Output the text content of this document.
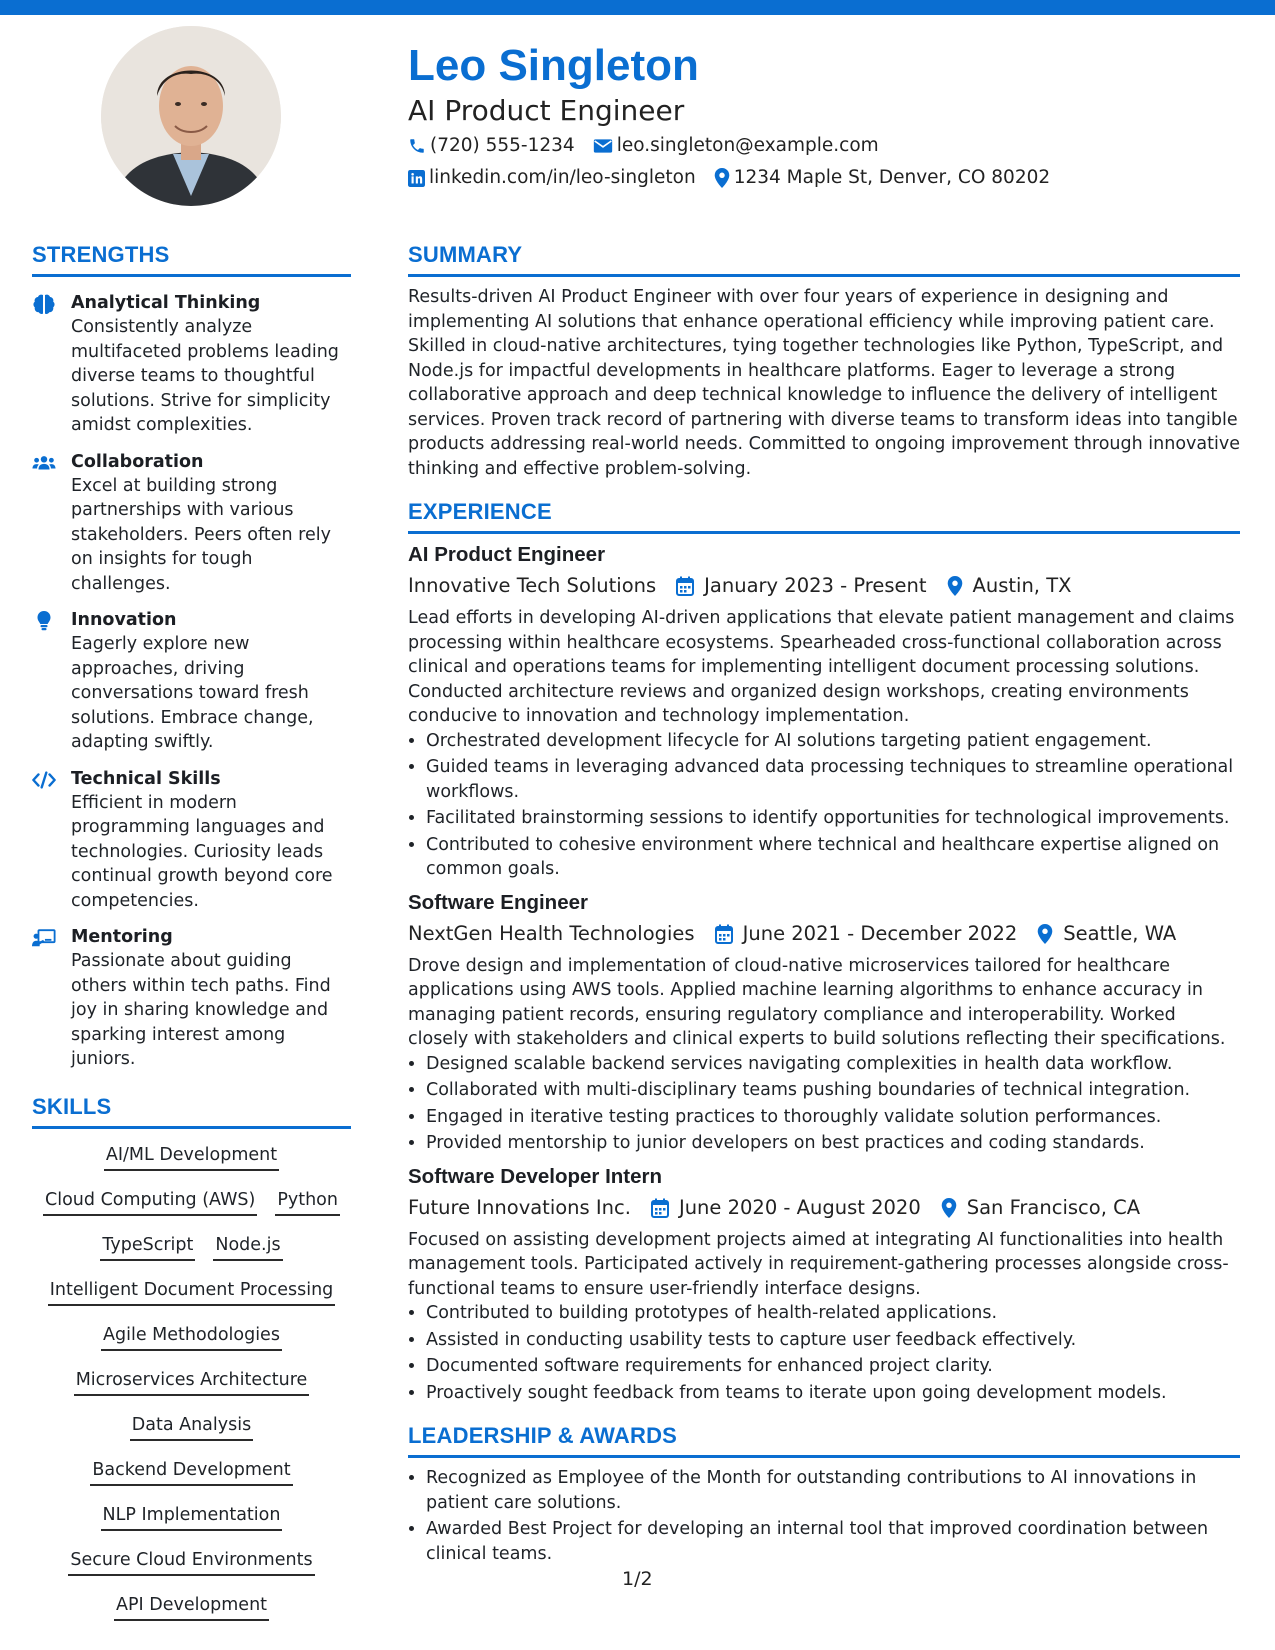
Leo Singleton
AI Product Engineer
(720) 555-1234 leo.singleton@example.com
linkedin.com/in/leo-singleton 1234 Maple St, Denver, CO 80202
STRENGTHS
Analytical Thinking
Consistently analyze multifaceted problems leading diverse teams to thoughtful solutions. Strive for simplicity amidst complexities.
Collaboration
Excel at building strong partnerships with various stakeholders. Peers often rely on insights for tough challenges.
Innovation
Eagerly explore new approaches, driving conversations toward fresh solutions. Embrace change, adapting swiftly.
Technical Skills
Efficient in modern programming languages and technologies. Curiosity leads continual growth beyond core competencies.
Mentoring
Passionate about guiding others within tech paths. Find joy in sharing knowledge and sparking interest among juniors.
SKILLS
AI/ML Development
Cloud Computing (AWS) Python
TypeScript Node.js
Intelligent Document Processing
Agile Methodologies
Microservices Architecture
Data Analysis
Backend Development
NLP Implementation
Secure Cloud Environments
API Development
SUMMARY
Results-driven AI Product Engineer with over four years of experience in designing and implementing AI solutions that enhance operational efficiency while improving patient care. Skilled in cloud-native architectures, tying together technologies like Python, TypeScript, and Node.js for impactful developments in healthcare platforms. Eager to leverage a strong collaborative approach and deep technical knowledge to influence the delivery of intelligent services. Proven track record of partnering with diverse teams to transform ideas into tangible products addressing real-world needs. Committed to ongoing improvement through innovative thinking and effective problem-solving.
EXPERIENCE
AI Product Engineer
Innovative Tech Solutions January 2023 - Present Austin, TX
Lead efforts in developing AI-driven applications that elevate patient management and claims processing within healthcare ecosystems. Spearheaded cross-functional collaboration across clinical and operations teams for implementing intelligent document processing solutions. Conducted architecture reviews and organized design workshops, creating environments conducive to innovation and technology implementation.
• Orchestrated development lifecycle for AI solutions targeting patient engagement.
• Guided teams in leveraging advanced data processing techniques to streamline operational workflows.
• Facilitated brainstorming sessions to identify opportunities for technological improvements.
• Contributed to cohesive environment where technical and healthcare expertise aligned on common goals.
Software Engineer
NextGen Health Technologies June 2021 - December 2022 Seattle, WA
Drove design and implementation of cloud-native microservices tailored for healthcare applications using AWS tools. Applied machine learning algorithms to enhance accuracy in managing patient records, ensuring regulatory compliance and interoperability. Worked closely with stakeholders and clinical experts to build solutions reflecting their specifications.
• Designed scalable backend services navigating complexities in health data workflow.
• Collaborated with multi-disciplinary teams pushing boundaries of technical integration.
• Engaged in iterative testing practices to thoroughly validate solution performances.
• Provided mentorship to junior developers on best practices and coding standards.
Software Developer Intern
Future Innovations Inc. June 2020 - August 2020 San Francisco, CA
Focused on assisting development projects aimed at integrating AI functionalities into health management tools. Participated actively in requirement-gathering processes alongside cross-functional teams to ensure user-friendly interface designs.
• Contributed to building prototypes of health-related applications.
• Assisted in conducting usability tests to capture user feedback effectively.
• Documented software requirements for enhanced project clarity.
• Proactively sought feedback from teams to iterate upon going development models.
LEADERSHIP & AWARDS
• Recognized as Employee of the Month for outstanding contributions to AI innovations in patient care solutions.
• Awarded Best Project for developing an internal tool that improved coordination between clinical teams.
1/2
